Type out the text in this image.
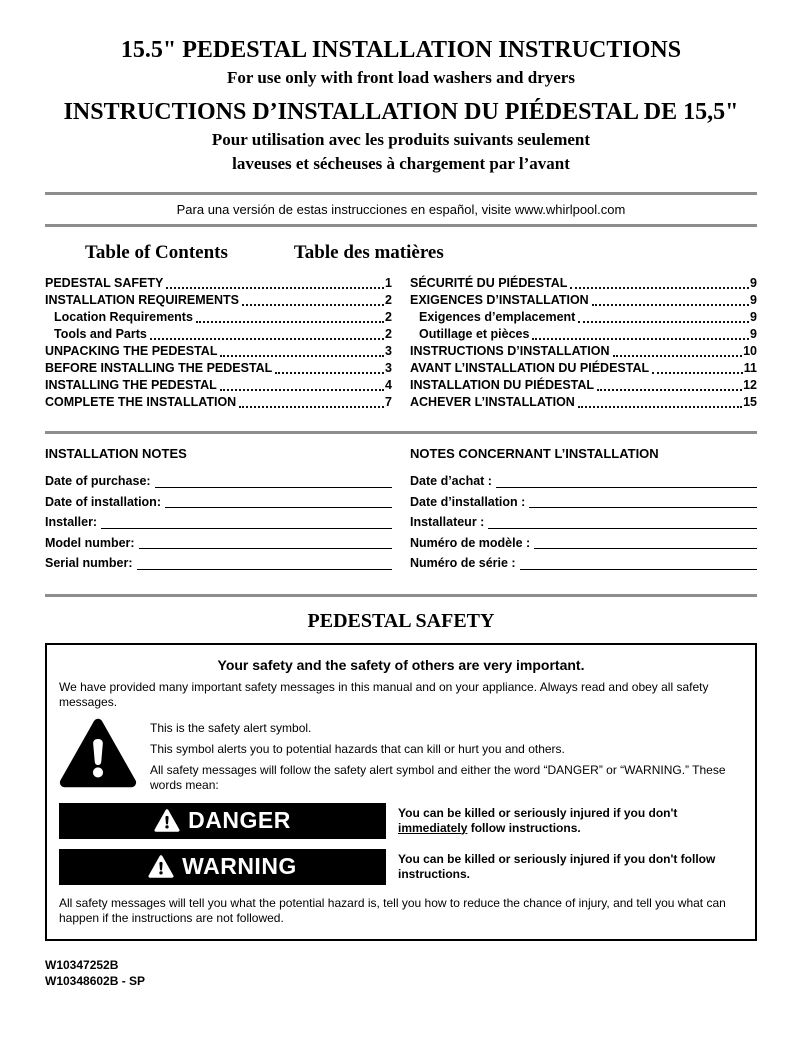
15.5" PEDESTAL INSTALLATION INSTRUCTIONS
For use only with front load washers and dryers
INSTRUCTIONS D’INSTALLATION DU PIÉDESTAL DE 15,5"
Pour utilisation avec les produits suivants seulement
laveuses et sécheuses à chargement par l’avant
Para una versión de estas instrucciones en español, visite www.whirlpool.com
Table of Contents	Table des matières
PEDESTAL SAFETY	1
INSTALLATION REQUIREMENTS	2
Location Requirements	2
Tools and Parts	2
UNPACKING THE PEDESTAL	3
BEFORE INSTALLING THE PEDESTAL	3
INSTALLING THE PEDESTAL	4
COMPLETE THE INSTALLATION	7
SÉCURITÉ DU PIÉDESTAL	9
EXIGENCES D’INSTALLATION	9
Exigences d’emplacement	9
Outillage et pièces	9
INSTRUCTIONS D’INSTALLATION	10
AVANT L’INSTALLATION DU PIÉDESTAL	11
INSTALLATION DU PIÉDESTAL	12
ACHEVER L’INSTALLATION	15
INSTALLATION NOTES
Date of purchase:
Date of installation:
Installer:
Model number:
Serial number:
NOTES CONCERNANT L’INSTALLATION
Date d’achat :
Date d’installation :
Installateur :
Numéro de modèle :
Numéro de série :
PEDESTAL SAFETY

Your safety and the safety of others are very important.

We have provided many important safety messages in this manual and on your appliance. Always read and obey all safety messages.

This is the safety alert symbol.

This symbol alerts you to potential hazards that can kill or hurt you and others.

All safety messages will follow the safety alert symbol and either the word “DANGER” or “WARNING.” These words mean:

DANGER	You can be killed or seriously injured if you don't immediately follow instructions.

WARNING	You can be killed or seriously injured if you don't follow instructions.

All safety messages will tell you what the potential hazard is, tell you how to reduce the chance of injury, and tell you what can happen if the instructions are not followed.

W10347252B
W10348602B - SP
